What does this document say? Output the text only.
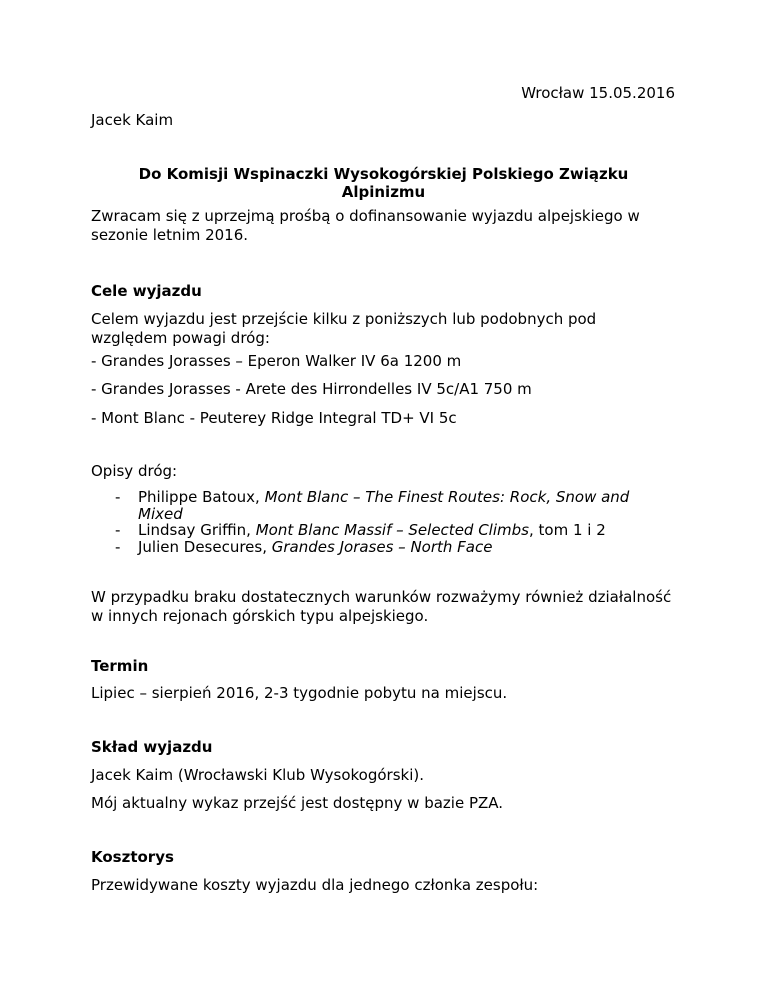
Wrocław 15.05.2016
Jacek Kaim
Do Komisji Wspinaczki Wysokogórskiej Polskiego Związku
Alpinizmu
Zwracam się z uprzejmą prośbą o dofinansowanie wyjazdu alpejskiego w sezonie letnim 2016.
Cele wyjazdu
Celem wyjazdu jest przejście kilku z poniższych lub podobnych pod względem powagi dróg:
- Grandes Jorasses – Eperon Walker IV 6a 1200 m
- Grandes Jorasses - Arete des Hirrondelles IV 5c/A1 750 m
- Mont Blanc - Peuterey Ridge Integral TD+ VI 5c
Opisy dróg:
- Philippe Batoux, Mont Blanc – The Finest Routes: Rock, Snow and Mixed
- Lindsay Griffin, Mont Blanc Massif – Selected Climbs, tom 1 i 2
- Julien Desecures, Grandes Jorases – North Face
W przypadku braku dostatecznych warunków rozważymy również działalność w innych rejonach górskich typu alpejskiego.
Termin
Lipiec – sierpień 2016, 2-3 tygodnie pobytu na miejscu.
Skład wyjazdu
Jacek Kaim (Wrocławski Klub Wysokogórski).
Mój aktualny wykaz przejść jest dostępny w bazie PZA.
Kosztorys
Przewidywane koszty wyjazdu dla jednego członka zespołu:
